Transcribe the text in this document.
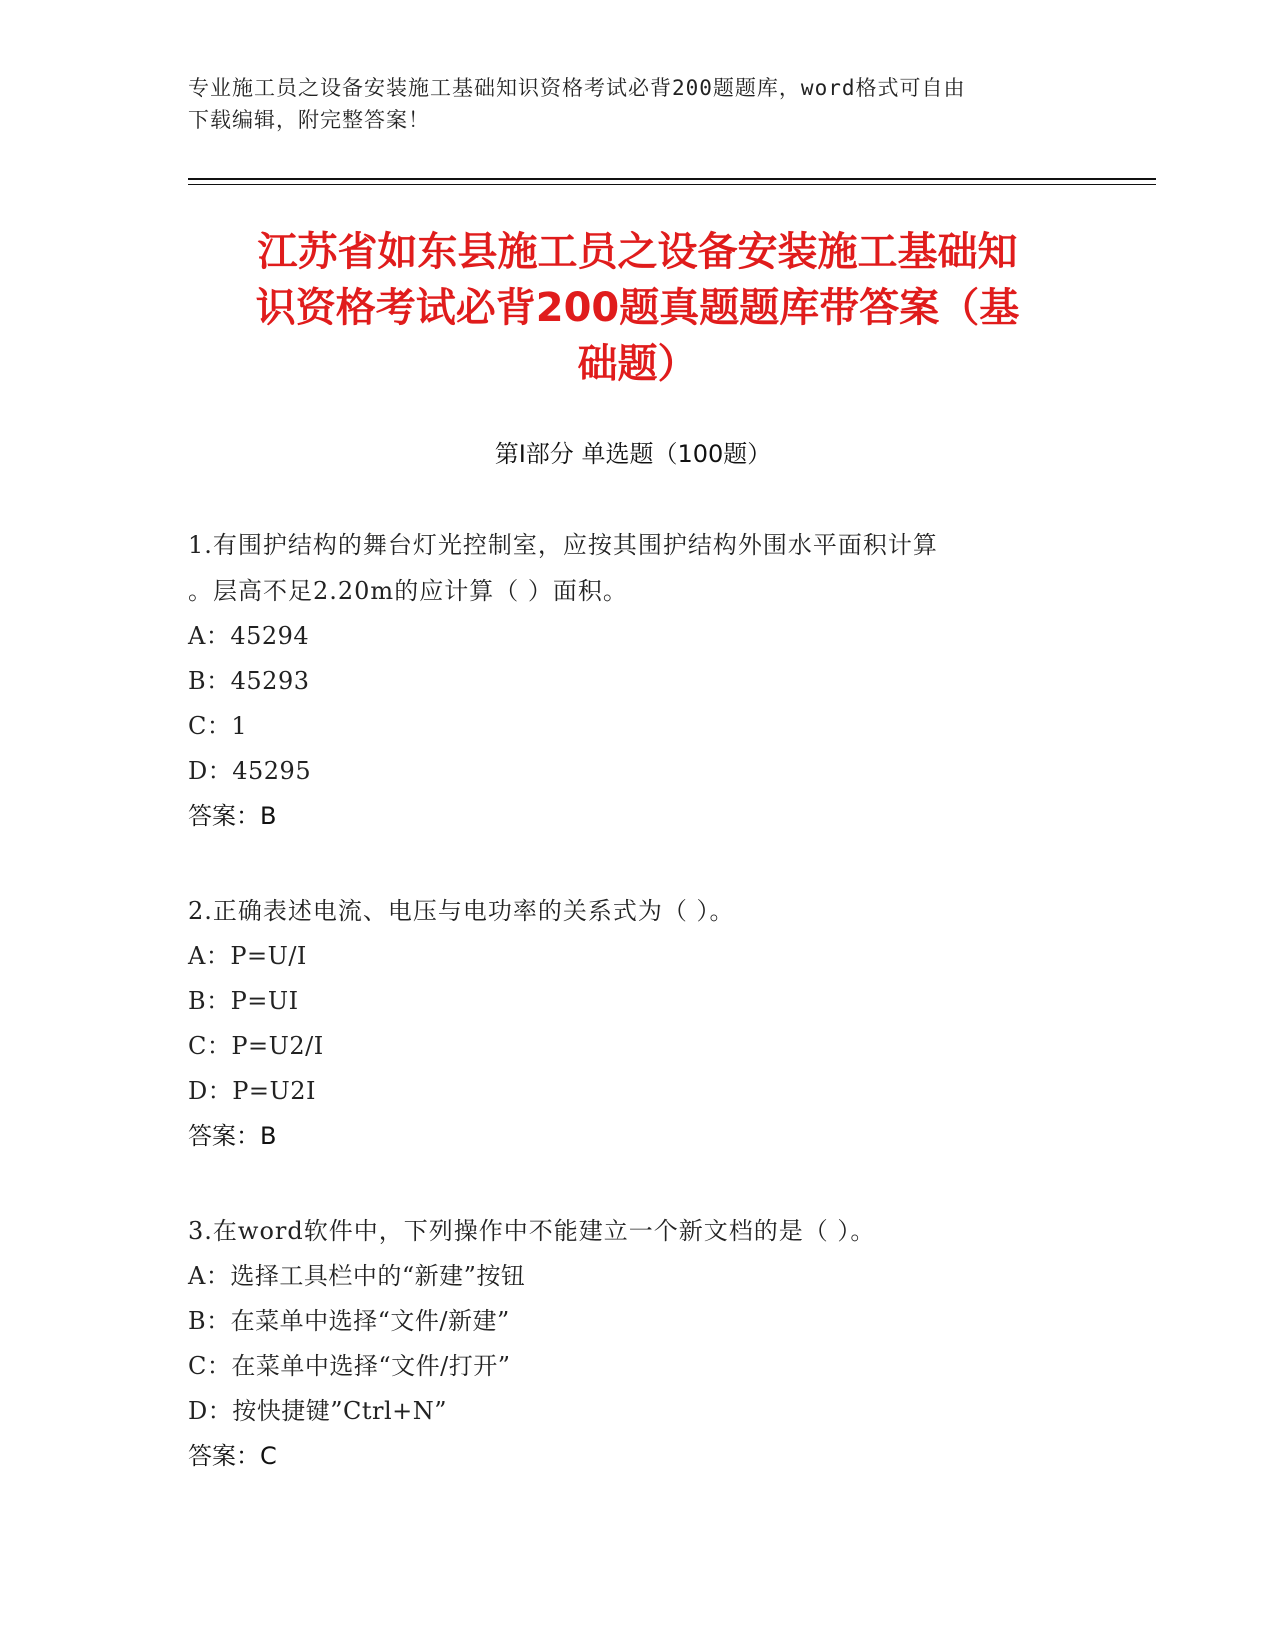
专业施工员之设备安装施工基础知识资格考试必背200题题库，word格式可自由
下载编辑，附完整答案！
江苏省如东县施工员之设备安装施工基础知
识资格考试必背200题真题题库带答案（基
础题）
第I部分 单选题（100题）
1.有围护结构的舞台灯光控制室，应按其围护结构外围水平面积计算
。层高不足2.20m的应计算（ ）面积。
A：45294
B：45293
C：1
D：45295
答案：B
2.正确表述电流、电压与电功率的关系式为（ ）。
A：P=U/I
B：P=UI
C：P=U2/I
D：P=U2I
答案：B
3.在word软件中，下列操作中不能建立一个新文档的是（ ）。
A：选择工具栏中的“新建”按钮
B：在菜单中选择“文件/新建”
C：在菜单中选择“文件/打开”
D：按快捷键”Ctrl+N”
答案：C
